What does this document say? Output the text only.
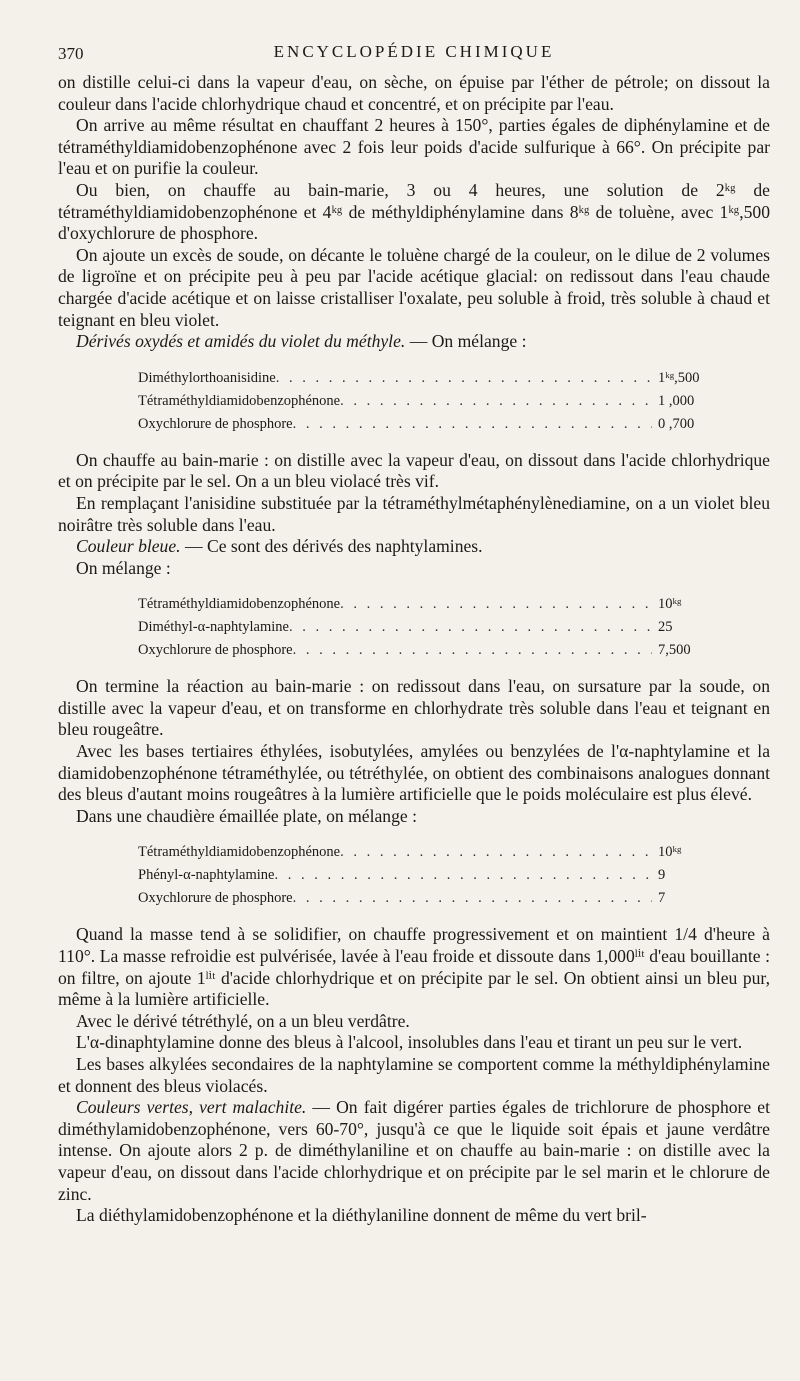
370	ENCYCLOPÉDIE CHIMIQUE

on distille celui-ci dans la vapeur d'eau, on sèche, on épuise par l'éther de pétrole; on dissout la couleur dans l'acide chlorhydrique chaud et concentré, et on précipite par l'eau.

On arrive au même résultat en chauffant 2 heures à 150°, parties égales de diphénylamine et de tétraméthyldiamidobenzophénone avec 2 fois leur poids d'acide sulfurique à 66°. On précipite par l'eau et on purifie la couleur.

Ou bien, on chauffe au bain-marie, 3 ou 4 heures, une solution de 2ᵏᵍ de tétraméthyldiamidobenzophénone et 4ᵏᵍ de méthyldiphénylamine dans 8ᵏᵍ de toluène, avec 1ᵏᵍ,500 d'oxychlorure de phosphore.

On ajoute un excès de soude, on décante le toluène chargé de la couleur, on le dilue de 2 volumes de ligroïne et on précipite peu à peu par l'acide acétique glacial: on redissout dans l'eau chaude chargée d'acide acétique et on laisse cristalliser l'oxalate, peu soluble à froid, très soluble à chaud et teignant en bleu violet.

Dérivés oxydés et amidés du violet du méthyle. — On mélange :

Diméthylorthoanisidine . . .	1ᵏᵍ,500
Tétraméthyldiamidobenzophénone . . .	1 ,000
Oxychlorure de phosphore . . .	0 ,700

On chauffe au bain-marie : on distille avec la vapeur d'eau, on dissout dans l'acide chlorhydrique et on précipite par le sel. On a un bleu violacé très vif.

En remplaçant l'anisidine substituée par la tétraméthylmétaphénylènediamine, on a un violet bleu noirâtre très soluble dans l'eau.

Couleur bleue. — Ce sont des dérivés des naphtylamines.

On mélange :

Tétraméthyldiamidobenzophénone . . .	10ᵏᵍ
Diméthyl-α-naphtylamine . . .	25
Oxychlorure de phosphore . . .	7,500

On termine la réaction au bain-marie : on redissout dans l'eau, on sursature par la soude, on distille avec la vapeur d'eau, et on transforme en chlorhydrate très soluble dans l'eau et teignant en bleu rougeâtre.

Avec les bases tertiaires éthylées, isobutylées, amylées ou benzylées de l'α-naphtylamine et la diamidobenzophénone tétraméthylée, ou tétréthylée, on obtient des combinaisons analogues donnant des bleus d'autant moins rougeâtres à la lumière artificielle que le poids moléculaire est plus élevé.

Dans une chaudière émaillée plate, on mélange :

Tétraméthyldiamidobenzophénone . . .	10ᵏᵍ
Phényl-α-naphtylamine . . .	9
Oxychlorure de phosphore . . .	7

Quand la masse tend à se solidifier, on chauffe progressivement et on maintient 1/4 d'heure à 110°. La masse refroidie est pulvérisée, lavée à l'eau froide et dissoute dans 1,000ˡⁱᵗ d'eau bouillante : on filtre, on ajoute 1ˡⁱᵗ d'acide chlorhydrique et on précipite par le sel. On obtient ainsi un bleu pur, même à la lumière artificielle.

Avec le dérivé tétréthylé, on a un bleu verdâtre.

L'α-dinaphtylamine donne des bleus à l'alcool, insolubles dans l'eau et tirant un peu sur le vert.

Les bases alkylées secondaires de la naphtylamine se comportent comme la méthyldiphénylamine et donnent des bleus violacés.

Couleurs vertes, vert malachite. — On fait digérer parties égales de trichlorure de phosphore et diméthylamidobenzophénone, vers 60-70°, jusqu'à ce que le liquide soit épais et jaune verdâtre intense. On ajoute alors 2 p. de diméthylaniline et on chauffe au bain-marie : on distille avec la vapeur d'eau, on dissout dans l'acide chlorhydrique et on précipite par le sel marin et le chlorure de zinc.

La diéthylamidobenzophénone et la diéthylaniline donnent de même du vert bril-
